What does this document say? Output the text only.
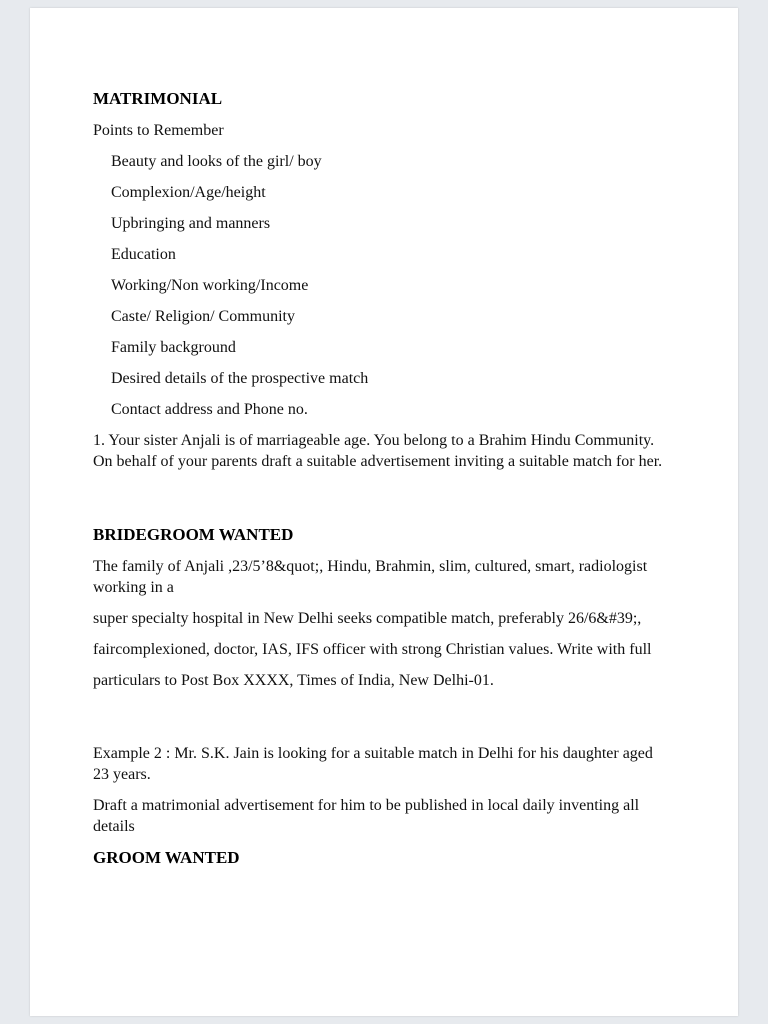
MATRIMONIAL

Points to Remember

Beauty and looks of the girl/ boy
Complexion/Age/height
Upbringing and manners
Education
Working/Non working/Income
Caste/ Religion/ Community
Family background
Desired details of the prospective match
Contact address and Phone no.

1. Your sister Anjali is of marriageable age. You belong to a Brahim Hindu Community. On behalf of your parents draft a suitable advertisement inviting a suitable match for her.

BRIDEGROOM WANTED

The family of Anjali ,23/5’8&quot;, Hindu, Brahmin, slim, cultured, smart, radiologist working in a

super specialty hospital in New Delhi seeks compatible match, preferably 26/6&#39;,

faircomplexioned, doctor, IAS, IFS officer with strong Christian values. Write with full

particulars to Post Box XXXX, Times of India, New Delhi-01.

Example 2 : Mr. S.K. Jain is looking for a suitable match in Delhi for his daughter aged 23 years.

Draft a matrimonial advertisement for him to be published in local daily inventing all details

GROOM WANTED
